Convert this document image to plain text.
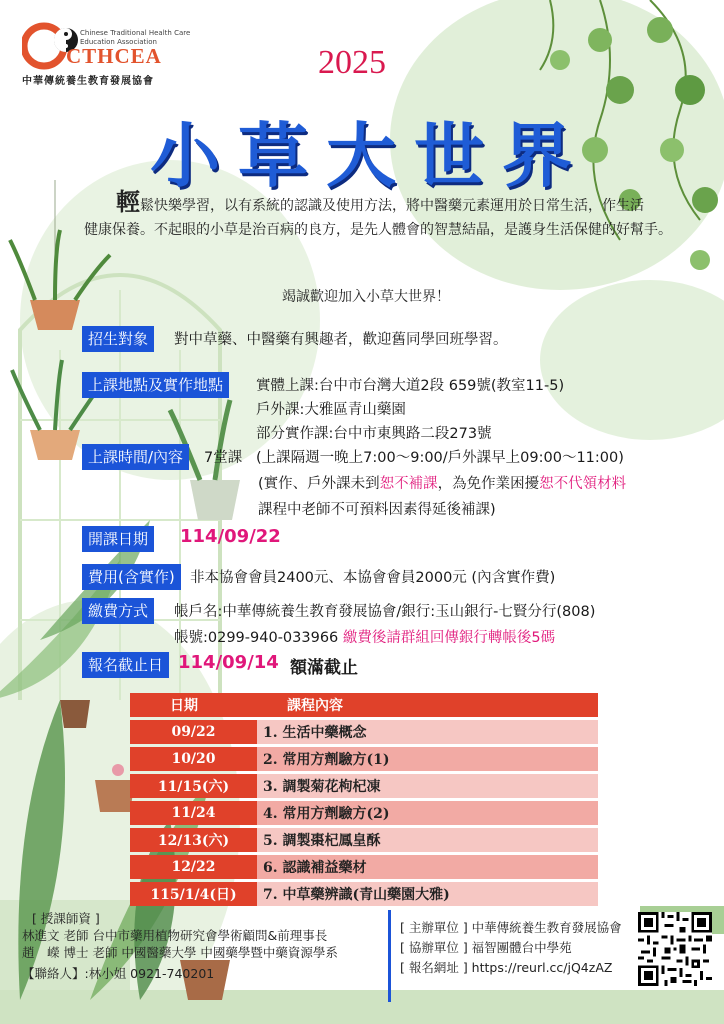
Chinese Traditional Health Care
Education Association
CTHCEA
中華傳統養生教育發展協會
2025
小草大世界
輕鬆快樂學習，以有系統的認識及使用方法，將中醫藥元素運用於日常生活，作生活
健康保養。不起眼的小草是治百病的良方，是先人體會的智慧結晶，是護身生活保健的好幫手。
竭誠歡迎加入小草大世界！
招生對象	對中草藥、中醫藥有興趣者，歡迎舊同學回班學習。
上課地點及實作地點	實體上課:台中市台灣大道2段 659號(教室11-5)
戶外課:大雅區青山藥園
部分實作課:台中市東興路二段273號
上課時間/內容	7堂課 (上課隔週一晚上7:00～9:00/戶外課早上09:00～11:00)
(實作、戶外課未到恕不補課，為免作業困擾恕不代領材料
課程中老師不可預料因素得延後補課)
開課日期	114/09/22
費用(含實作)	非本協會會員2400元、本協會會員2000元 (內含實作費)
繳費方式	帳戶名:中華傳統養生教育發展協會/銀行:玉山銀行-七賢分行(808)
帳號:0299-940-033966 繳費後請群組回傳銀行轉帳後5碼
報名截止日 114/09/14 額滿截止
日期	課程內容
09/22	1. 生活中藥概念
10/20	2. 常用方劑驗方(1)
11/15(六)	3. 調製菊花枸杞凍
11/24	4. 常用方劑驗方(2)
12/13(六)	5. 調製棗杞鳳皇酥
12/22	6. 認識補益藥材
115/1/4(日)	7. 中草藥辨識(青山藥園大雅)
[ 授課師資 ]
林進文 老師 台中市藥用植物研究會學術顧問&前理事長
趙　嶸 博士 老師 中國醫藥大學 中國藥學暨中藥資源學系
【聯絡人】:林小姐 0921-740201
[ 主辦單位 ] 中華傳統養生教育發展協會
[ 協辦單位 ] 福智團體台中學苑
[ 報名網址 ] https://reurl.cc/jQ4zAZ
